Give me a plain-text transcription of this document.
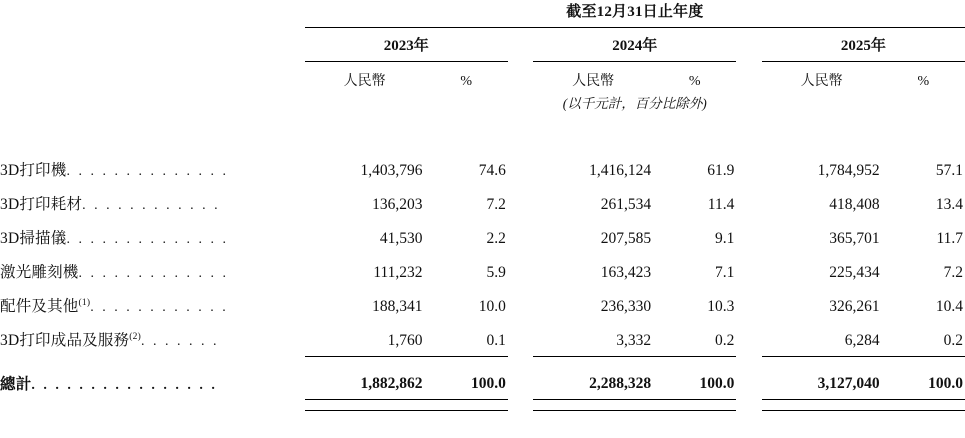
	截至12月31日止年度							

	2023年			2024年			2025年	

	人民幣	%		人民幣	%		人民幣	%
				(以千元計，百分比除外)				

3D打印機. . . . . . . . . . . . . .	1,403,796	74.6		1,416,124	61.9		1,784,952	57.1
3D打印耗材. . . . . . . . . . . .	136,203	7.2		261,534	11.4		418,408	13.4
3D掃描儀. . . . . . . . . . . . . .	41,530	2.2		207,585	9.1		365,701	11.7
激光雕刻機. . . . . . . . . . . . .	111,232	5.9		163,423	7.1		225,434	7.2
配件及其他$^{(1)}$. . . . . . . . . . . .	188,341	10.0		236,330	10.3		326,261	10.4
3D打印成品及服務$^{(2)}$. . . . . . .	1,760	0.1		3,332	0.2		6,284	0.2

總計. . . . . . . . . . . . . . . .	1,882,862	100.0		2,288,328	100.0		3,127,040	100.0
